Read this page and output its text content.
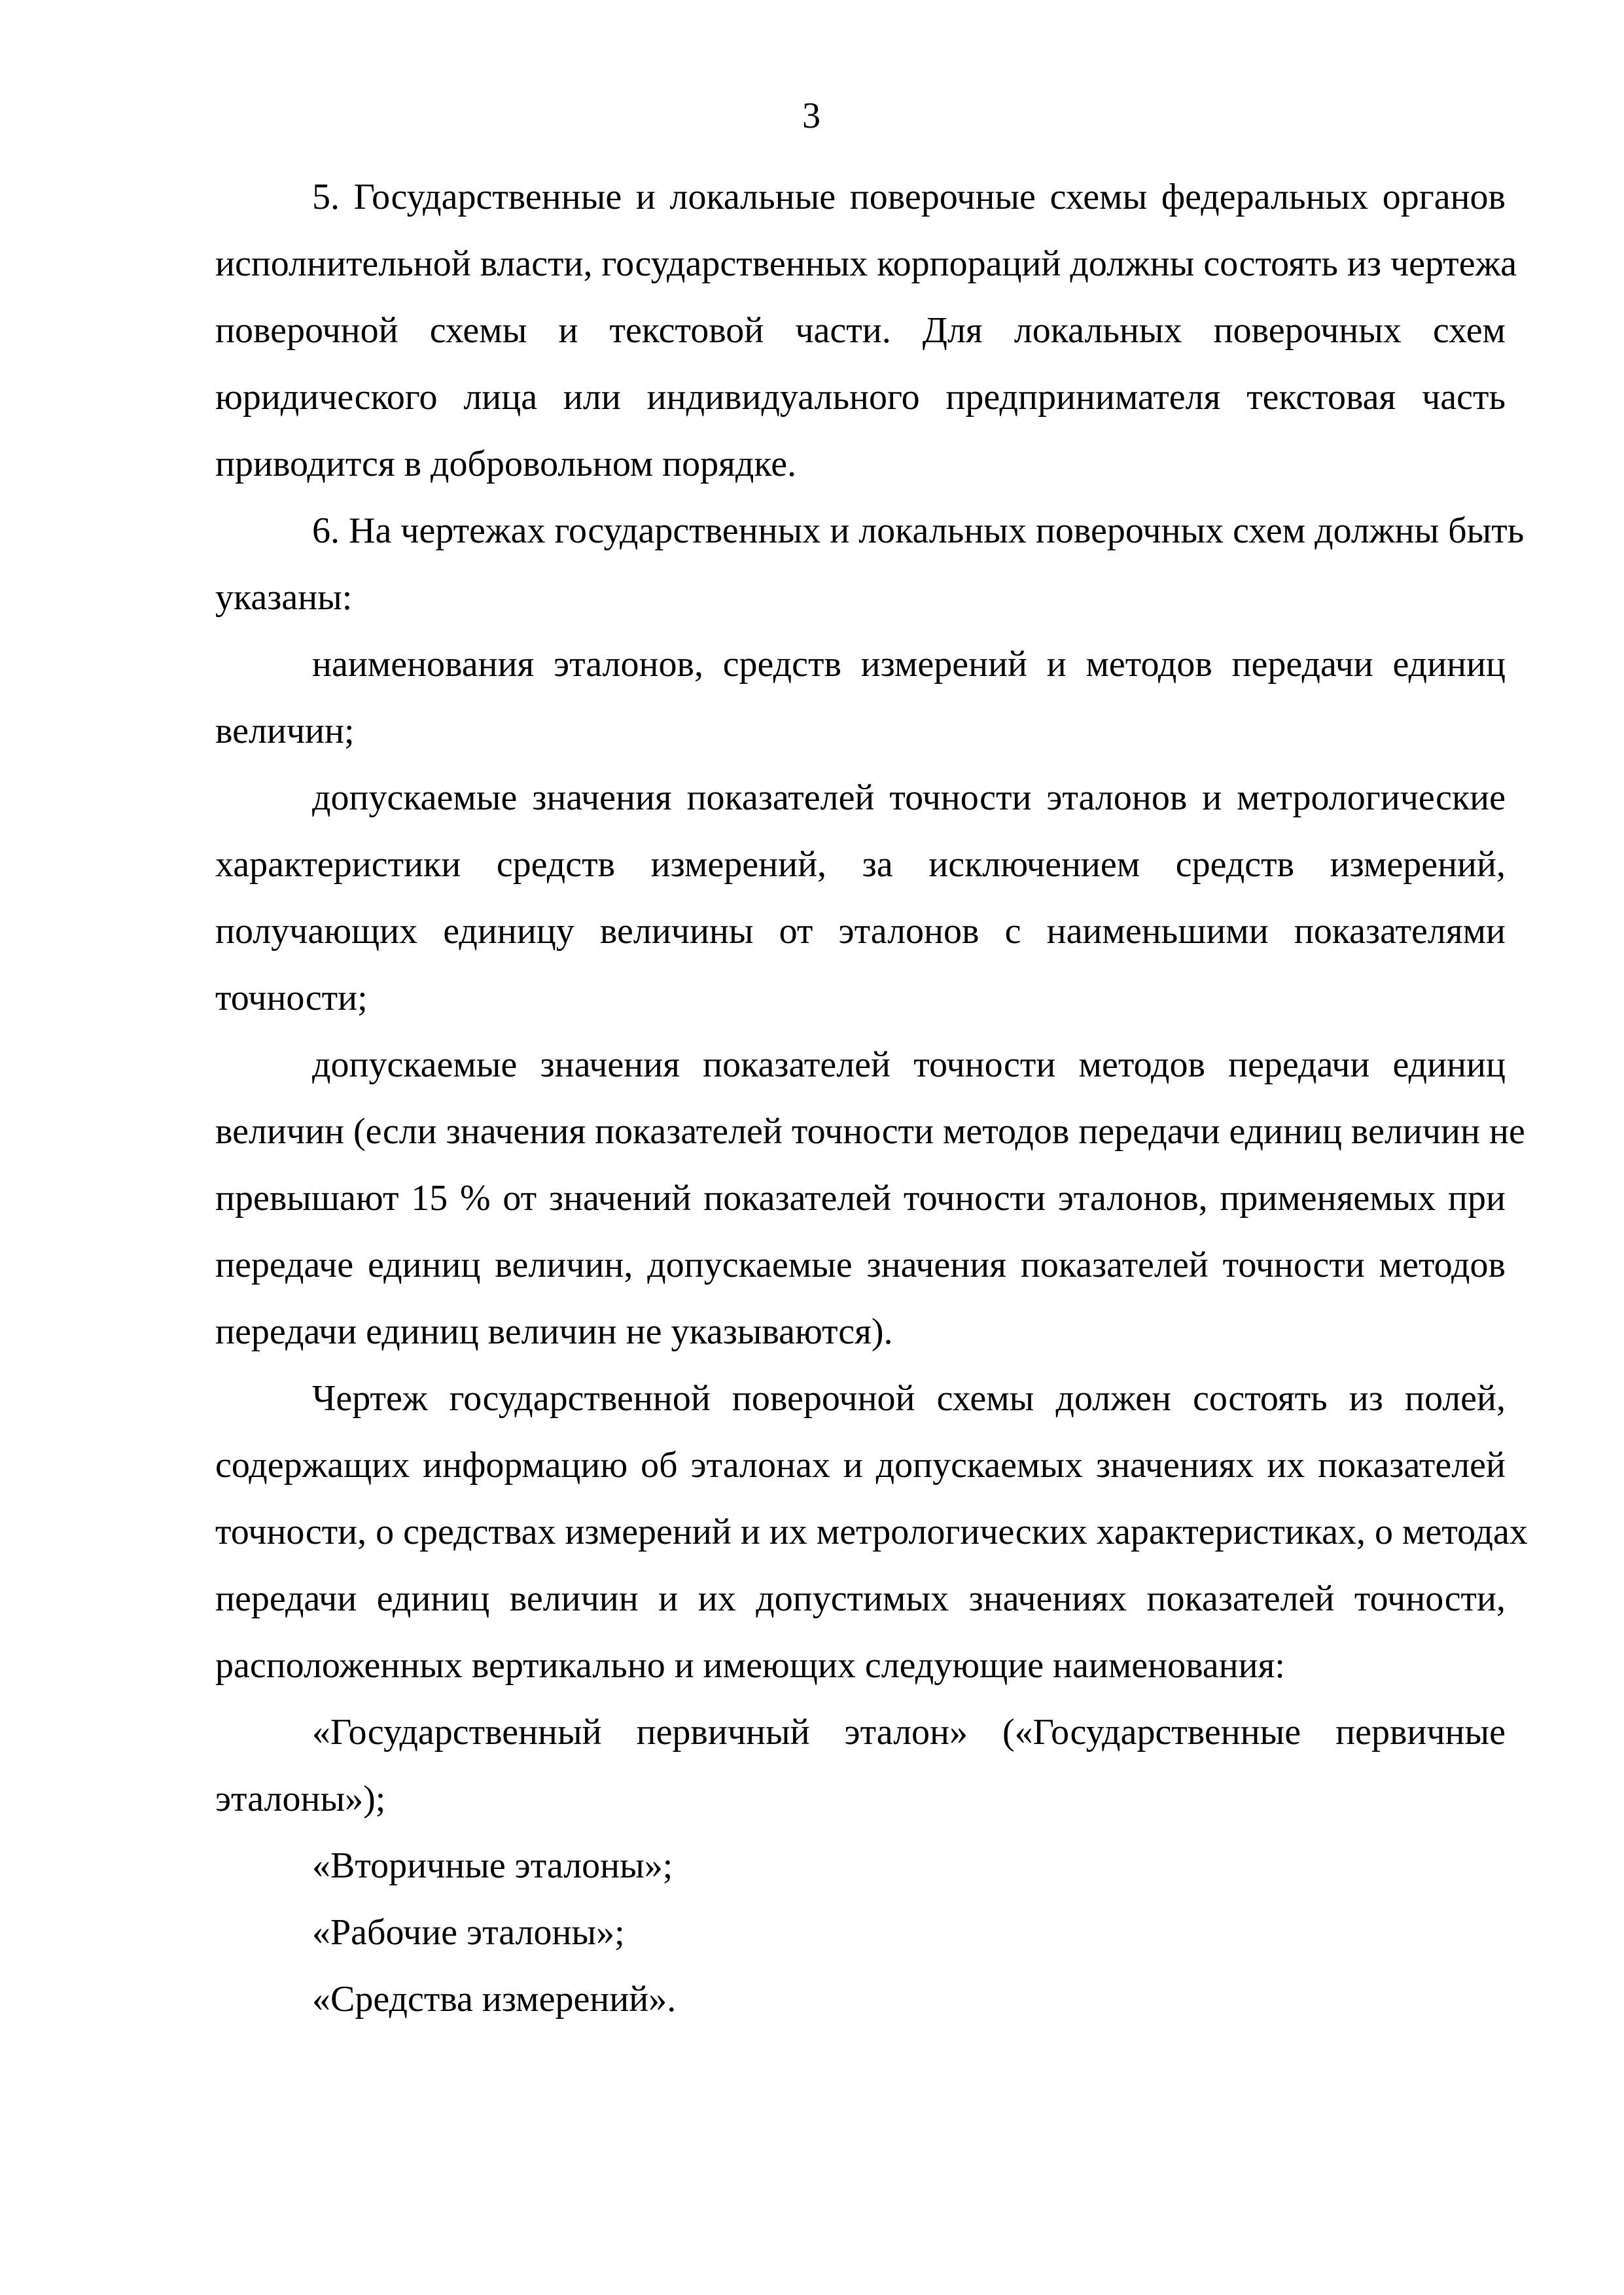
3
5. Государственные и локальные поверочные схемы федеральных органов
исполнительной власти, государственных корпораций должны состоять из чертежа
поверочной схемы и текстовой части. Для локальных поверочных схем
юридического лица или индивидуального предпринимателя текстовая часть
приводится в добровольном порядке.
6. На чертежах государственных и локальных поверочных схем должны быть
указаны:
наименования эталонов, средств измерений и методов передачи единиц
величин;
допускаемые значения показателей точности эталонов и метрологические
характеристики средств измерений, за исключением средств измерений,
получающих единицу величины от эталонов с наименьшими показателями
точности;
допускаемые значения показателей точности методов передачи единиц
величин (если значения показателей точности методов передачи единиц величин не
превышают 15 % от значений показателей точности эталонов, применяемых при
передаче единиц величин, допускаемые значения показателей точности методов
передачи единиц величин не указываются).
Чертеж государственной поверочной схемы должен состоять из полей,
содержащих информацию об эталонах и допускаемых значениях их показателей
точности, о средствах измерений и их метрологических характеристиках, о методах
передачи единиц величин и их допустимых значениях показателей точности,
расположенных вертикально и имеющих следующие наименования:
«Государственный первичный эталон» («Государственные первичные
эталоны»);
«Вторичные эталоны»;
«Рабочие эталоны»;
«Средства измерений».
